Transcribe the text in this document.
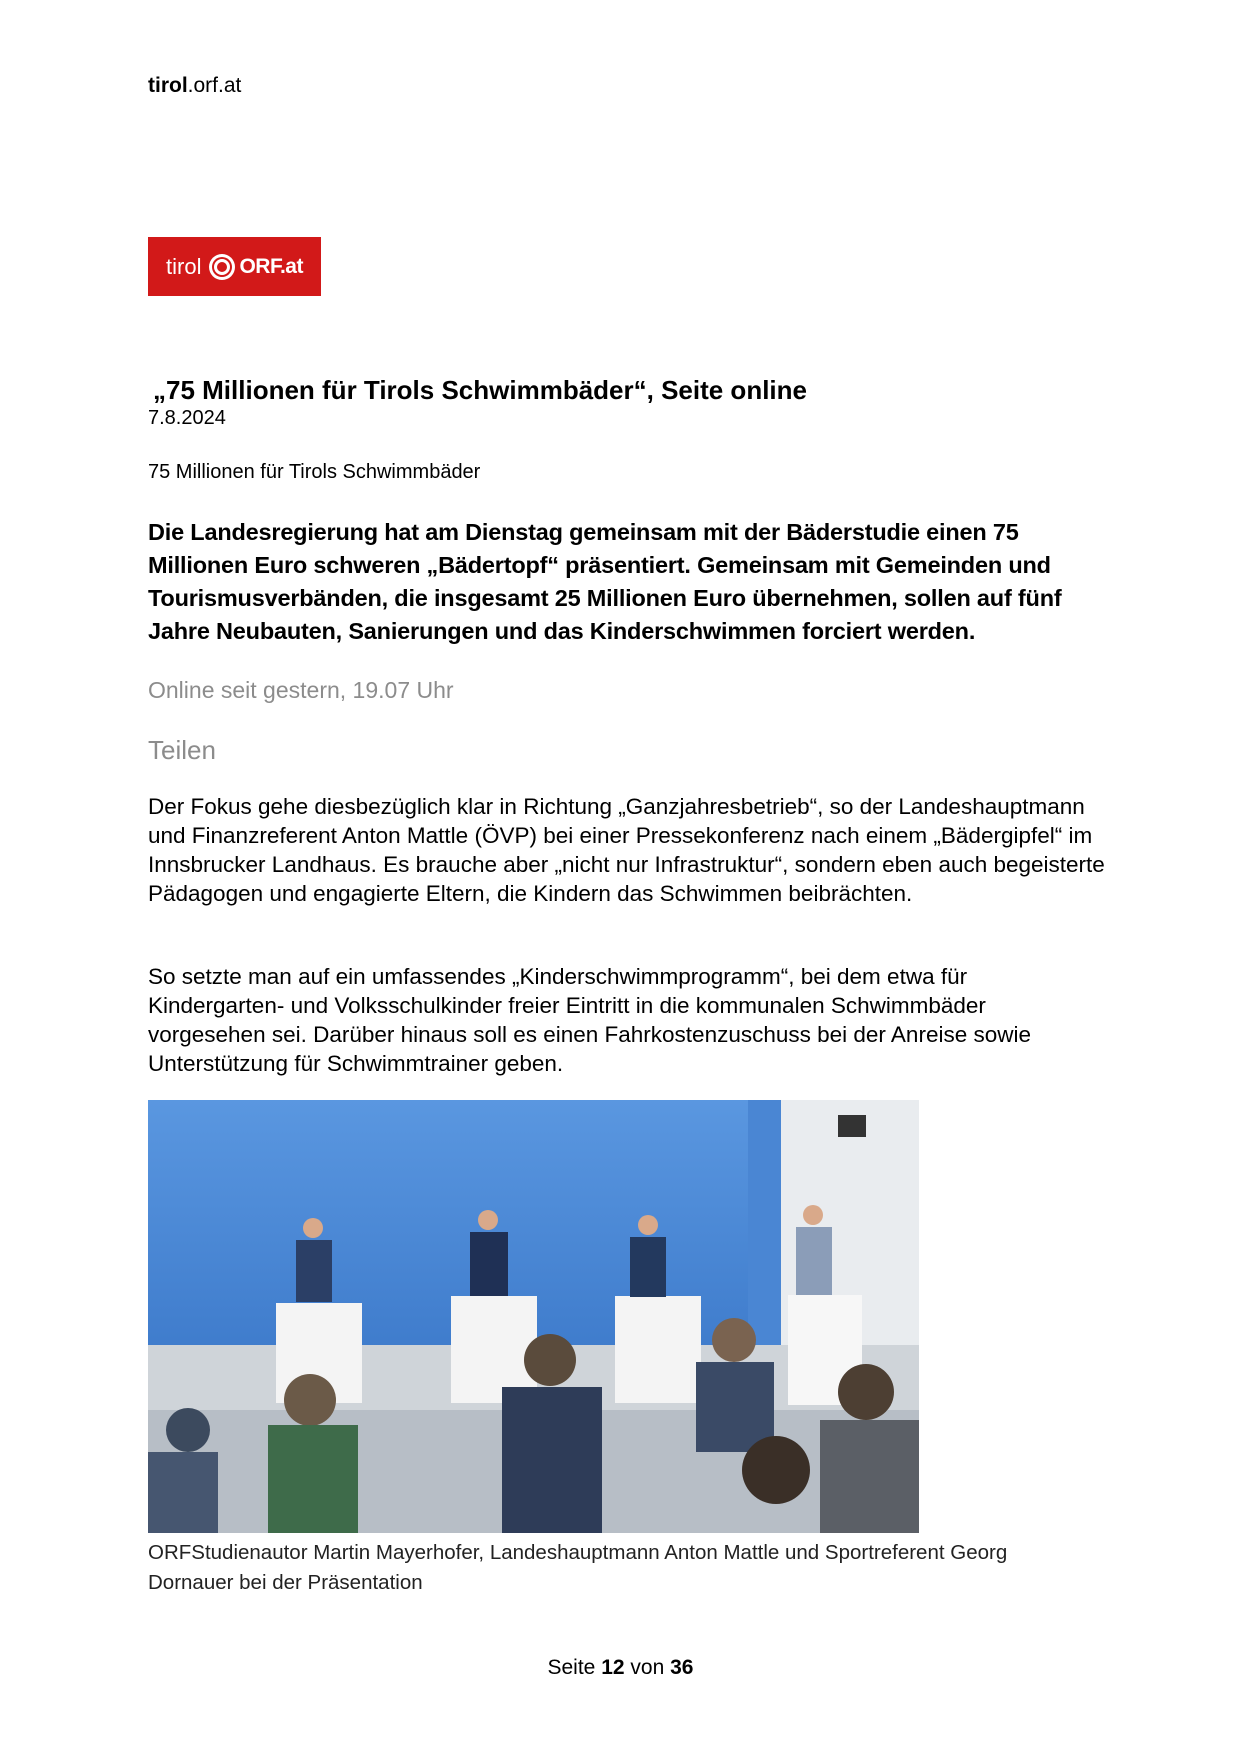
tirol.orf.at
tirol ORF.at
„75 Millionen für Tirols Schwimmbäder“, Seite online
7.8.2024
75 Millionen für Tirols Schwimmbäder
Die Landesregierung hat am Dienstag gemeinsam mit der Bäderstudie einen 75 Millionen Euro schweren „Bädertopf“ präsentiert. Gemeinsam mit Gemeinden und Tourismusverbänden, die insgesamt 25 Millionen Euro übernehmen, sollen auf fünf Jahre Neubauten, Sanierungen und das Kinderschwimmen forciert werden.
Online seit gestern, 19.07 Uhr
Teilen
Der Fokus gehe diesbezüglich klar in Richtung „Ganzjahresbetrieb“, so der Landeshauptmann und Finanzreferent Anton Mattle (ÖVP) bei einer Pressekonferenz nach einem „Bädergipfel“ im Innsbrucker Landhaus. Es brauche aber „nicht nur Infrastruktur“, sondern eben auch begeisterte Pädagogen und engagierte Eltern, die Kindern das Schwimmen beibrächten.
So setzte man auf ein umfassendes „Kinderschwimmprogramm“, bei dem etwa für Kindergarten- und Volksschulkinder freier Eintritt in die kommunalen Schwimmbäder vorgesehen sei. Darüber hinaus soll es einen Fahrkostenzuschuss bei der Anreise sowie Unterstützung für Schwimmtrainer geben.
ORFStudienautor Martin Mayerhofer, Landeshauptmann Anton Mattle und Sportreferent Georg Dornauer bei der Präsentation
Seite 12 von 36
